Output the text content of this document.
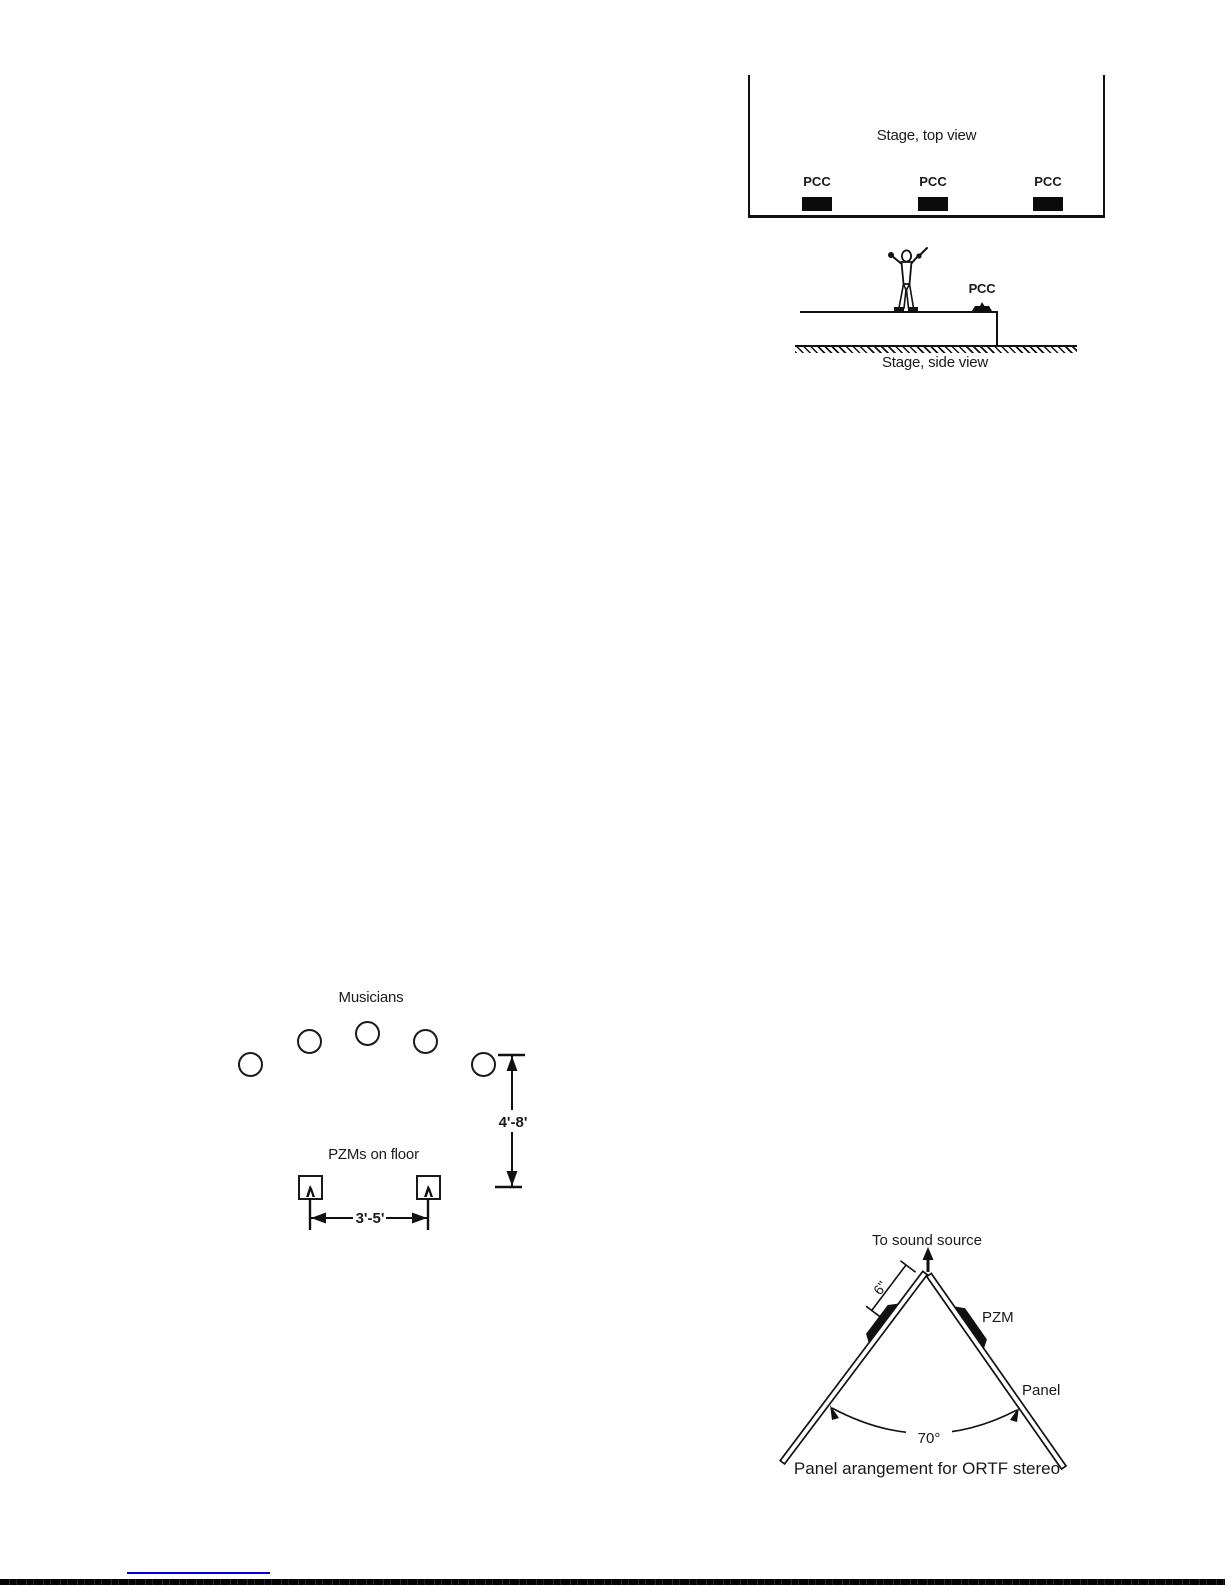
Stage, top view
PCC	PCC	PCC
PCC
Stage, side view
Musicians
4'-8'
PZMs on floor
3'-5'
To sound source
6"
PZM
Panel
70°
Panel arangement for ORTF stereo
